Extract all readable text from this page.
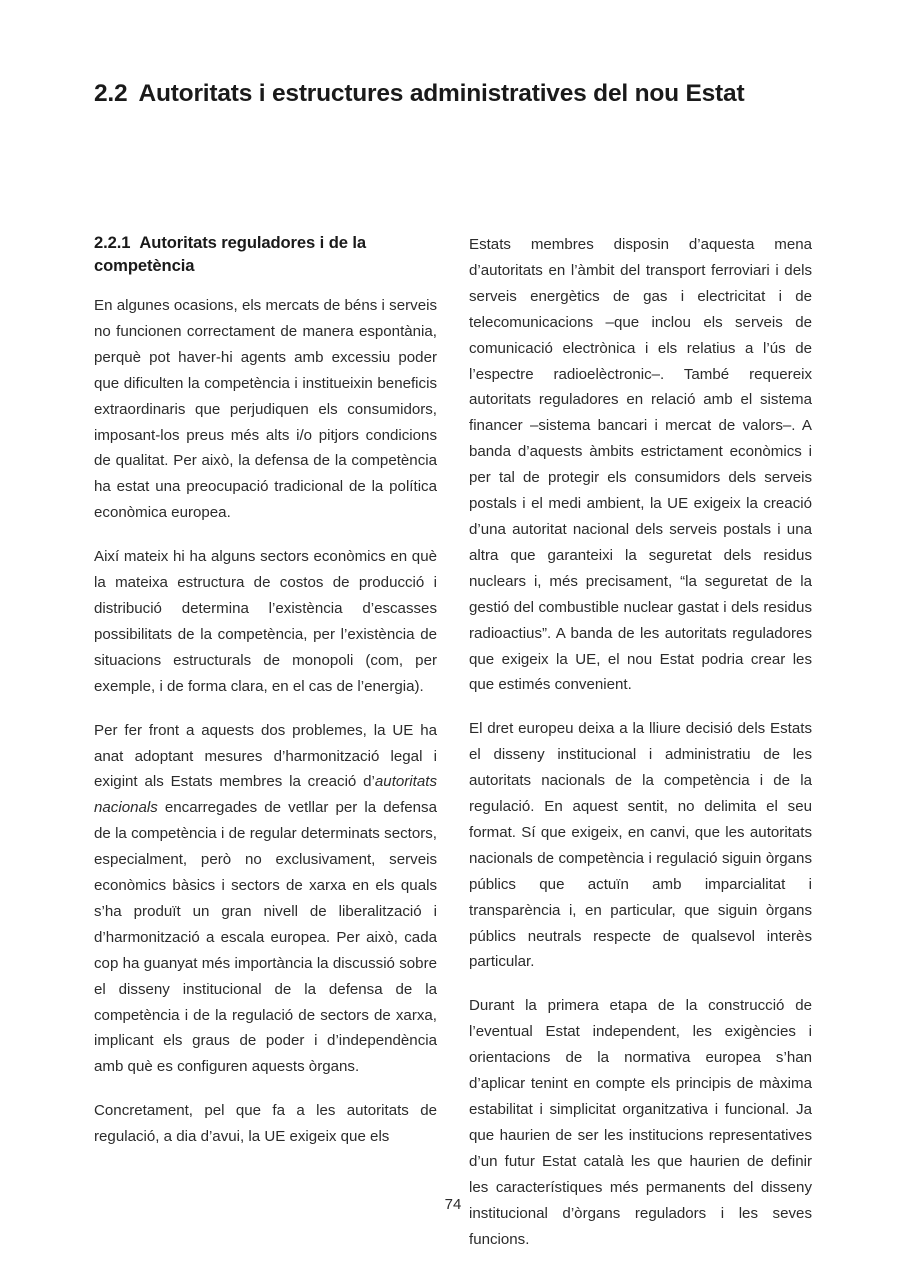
2.2 Autoritats i estructures administratives del nou Estat
2.2.1 Autoritats reguladores i de la competència

En algunes ocasions, els mercats de béns i serveis no funcionen correctament de manera espontània, perquè pot haver-hi agents amb excessiu poder que dificulten la competència i institueixin beneficis extraordinaris que perjudiquen els consumidors, imposant-los preus més alts i/o pitjors condicions de qualitat. Per això, la defensa de la competència ha estat una preocupació tradicional de la política econòmica europea.

Així mateix hi ha alguns sectors econòmics en què la mateixa estructura de costos de producció i distribució determina l’existència d’escasses possibilitats de la competència, per l’existència de situacions estructurals de monopoli (com, per exemple, i de forma clara, en el cas de l’energia).

Per fer front a aquests dos problemes, la UE ha anat adoptant mesures d’harmonització legal i exigint als Estats membres la creació d’autoritats nacionals encarregades de vetllar per la defensa de la competència i de regular determinats sectors, especialment, però no exclusivament, serveis econòmics bàsics i sectors de xarxa en els quals s’ha produït un gran nivell de liberalització i d’harmonització a escala europea. Per això, cada cop ha guanyat més importància la discussió sobre el disseny institucional de la defensa de la competència i de la regulació de sectors de xarxa, implicant els graus de poder i d’independència amb què es configuren aquests òrgans.

Concretament, pel que fa a les autoritats de regulació, a dia d’avui, la UE exigeix que els

Estats membres disposin d’aquesta mena d’autoritats en l’àmbit del transport ferroviari i dels serveis energètics de gas i electricitat i de telecomunicacions –que inclou els serveis de comunicació electrònica i els relatius a l’ús de l’espectre radioelèctronic–. També requereix autoritats reguladores en relació amb el sistema financer –sistema bancari i mercat de valors–. A banda d’aquests àmbits estrictament econòmics i per tal de protegir els consumidors dels serveis postals i el medi ambient, la UE exigeix la creació d’una autoritat nacional dels serveis postals i una altra que garanteixi la seguretat dels residus nuclears i, més precisament, “la seguretat de la gestió del combustible nuclear gastat i dels residus radioactius”. A banda de les autoritats reguladores que exigeix la UE, el nou Estat podria crear les que estimés convenient.

El dret europeu deixa a la lliure decisió dels Estats el disseny institucional i administratiu de les autoritats nacionals de la competència i de la regulació. En aquest sentit, no delimita el seu format. Sí que exigeix, en canvi, que les autoritats nacionals de competència i regulació siguin òrgans públics que actuïn amb imparcialitat i transparència i, en particular, que siguin òrgans públics neutrals respecte de qualsevol interès particular.

Durant la primera etapa de la construcció de l’eventual Estat independent, les exigències i orientacions de la normativa europea s’han d’aplicar tenint en compte els principis de màxima estabilitat i simplicitat organitzativa i funcional. Ja que haurien de ser les institucions representatives d’un futur Estat català les que haurien de definir les característiques més permanents del disseny institucional d’òrgans reguladors i les seves funcions.

74
